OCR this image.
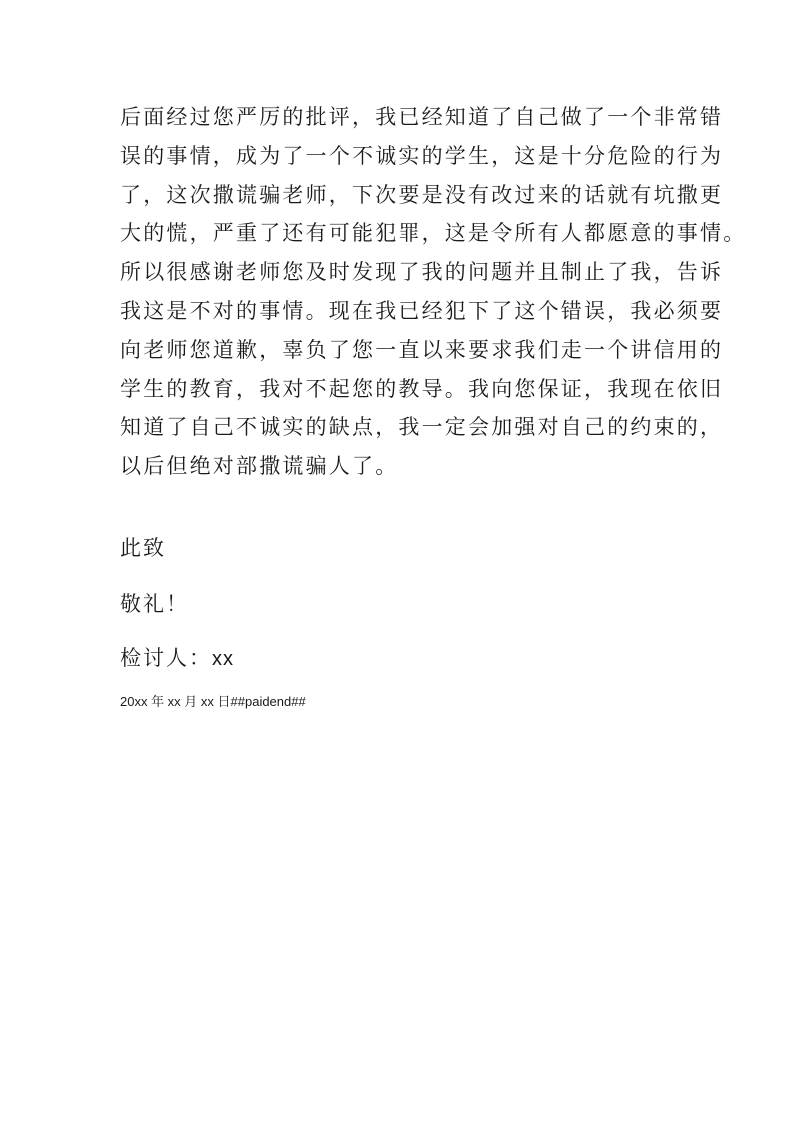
后面经过您严厉的批评，我已经知道了自己做了一个非常错
误的事情，成为了一个不诚实的学生，这是十分危险的行为
了，这次撒谎骗老师，下次要是没有改过来的话就有坑撒更
大的慌，严重了还有可能犯罪，这是令所有人都愿意的事情。
所以很感谢老师您及时发现了我的问题并且制止了我，告诉
我这是不对的事情。现在我已经犯下了这个错误，我必须要
向老师您道歉，辜负了您一直以来要求我们走一个讲信用的
学生的教育，我对不起您的教导。我向您保证，我现在依旧
知道了自己不诚实的缺点，我一定会加强对自己的约束的，
以后但绝对部撒谎骗人了。
此致
敬礼！
检讨人：xx
20xx 年 xx 月 xx 日##paidend##
